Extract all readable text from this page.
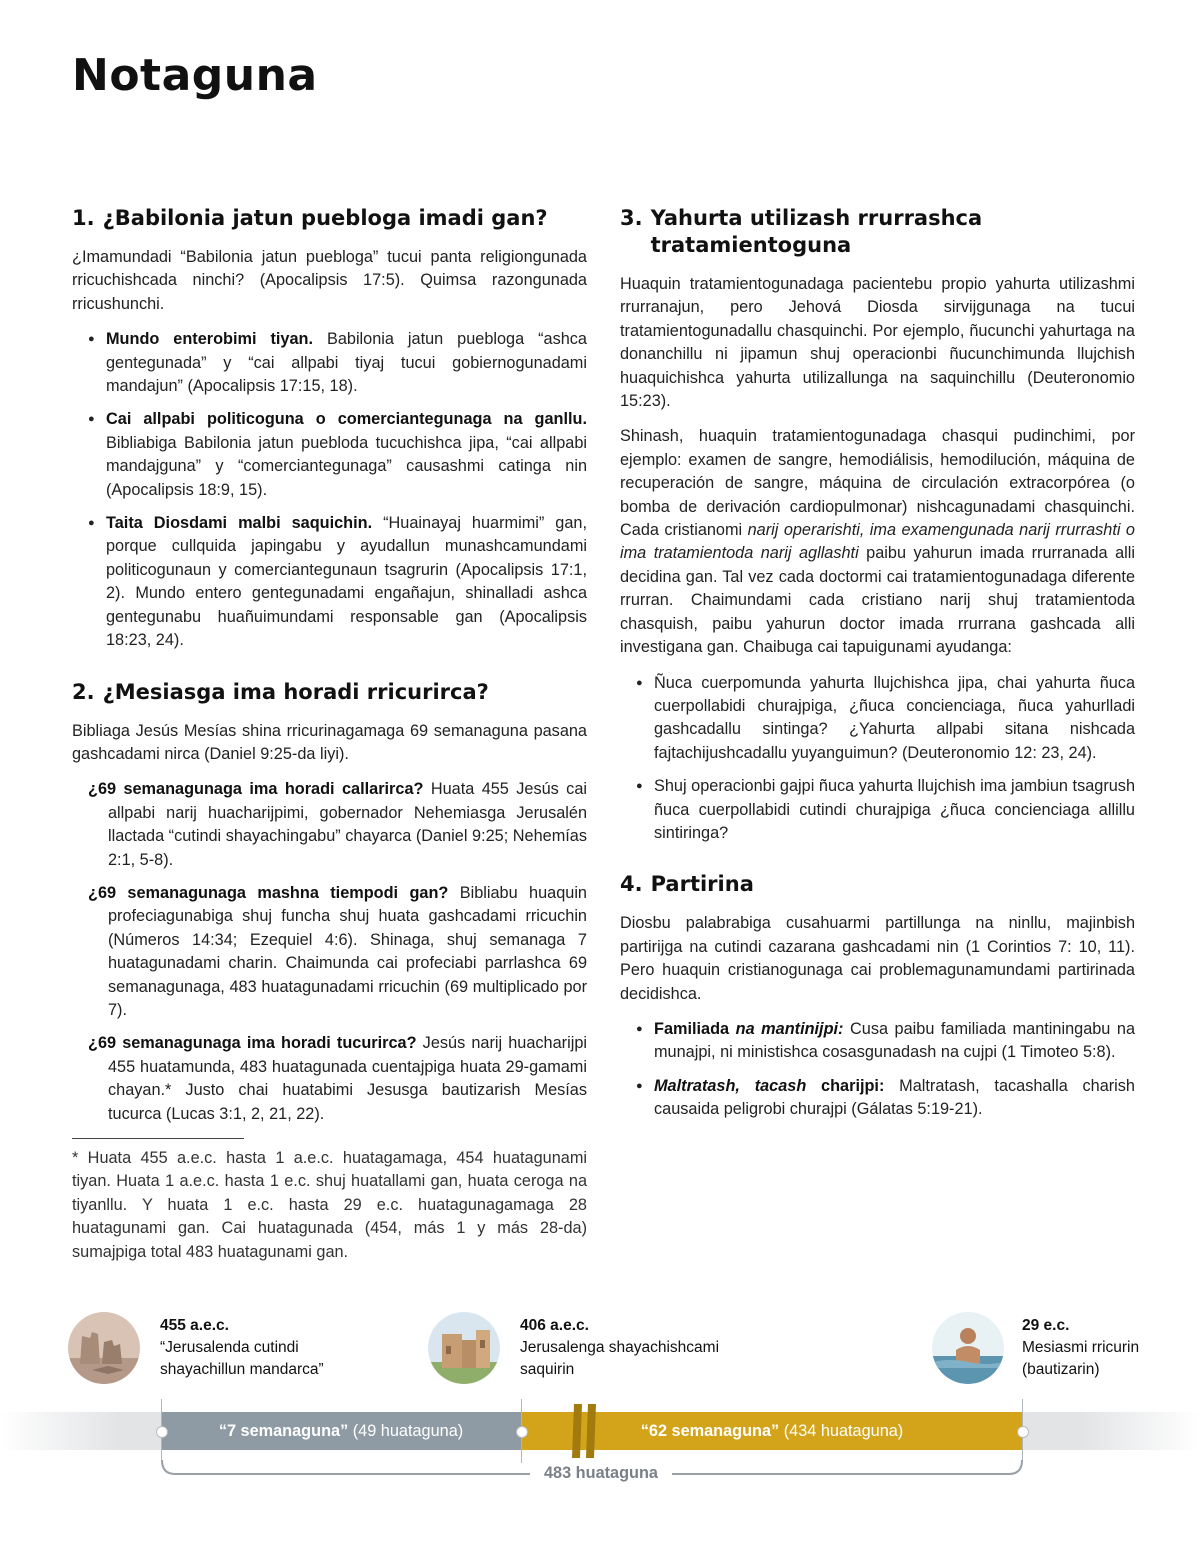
Notaguna
1. ¿Babilonia jatun puebloga imadi gan?

¿Imamundadi “Babilonia jatun puebloga” tucui panta religiongunada rricuchishcada ninchi? (Apocalipsis 17:5). Quimsa razongunada rricushunchi.

● Mundo enterobimi tiyan. Babilonia jatun puebloga “ashca gentegunada” y “cai allpabi tiyaj tucui gobiernogunadami mandajun” (Apocalipsis 17:15, 18).
● Cai allpabi politicoguna o comerciantegunaga na ganllu. Bibliabiga Babilonia jatun puebloda tucuchishca jipa, “cai allpabi mandajguna” y “comerciantegunaga” causashmi catinga nin (Apocalipsis 18:9, 15).
● Taita Diosdami malbi saquichin. “Huainayaj huarmimi” gan, porque cullquida japingabu y ayudallun munashcamundami politicogunaun y comerciantegunaun tsagrurin (Apocalipsis 17:1, 2). Mundo entero gentegunadami engañajun, shinalladi ashca gentegunabu huañuimundami responsable gan (Apocalipsis 18:23, 24).
2. ¿Mesiasga ima horadi rricurirca?

Bibliaga Jesús Mesías shina rricurinagamaga 69 semanaguna pasana gashcadami nirca (Daniel 9:25-da liyi).

¿69 semanagunaga ima horadi callarirca? Huata 455 Jesús cai allpabi narij huacharijpimi, gobernador Nehemiasga Jerusalén llactada “cutindi shayachingabu” chayarca (Daniel 9:25; Nehemías 2:1, 5-8).
¿69 semanagunaga mashna tiempodi gan? Bibliabu huaquin profeciagunabiga shuj funcha shuj huata gashcadami rricuchin (Números 14:34; Ezequiel 4:6). Shinaga, shuj semanaga 7 huatagunadami charin. Chaimunda cai profeciabi parrlashca 69 semanagunaga, 483 huatagunadami rricuchin (69 multiplicado por 7).
¿69 semanagunaga ima horadi tucurirca? Jesús narij huacharijpi 455 huatamunda, 483 huatagunada cuentajpiga huata 29-gamami chayan.* Justo chai huatabimi Jesusga bautizarish Mesías tucurca (Lucas 3:1, 2, 21, 22).

* Huata 455 a.e.c. hasta 1 a.e.c. huatagamaga, 454 huatagunami tiyan. Huata 1 a.e.c. hasta 1 e.c. shuj huatallami gan, huata ceroga na tiyanllu. Y huata 1 e.c. hasta 29 e.c. huatagunagamaga 28 huatagunami gan. Cai huatagunada (454, más 1 y más 28-da) sumajpiga total 483 huatagunami gan.

3. Yahurta utilizash rrurrashca tratamientoguna

Huaquin tratamientogunadaga pacientebu propio yahurta utilizashmi rrurranajun, pero Jehová Diosda sirvijgunaga na tucui tratamientogunadallu chasquinchi. Por ejemplo, ñucunchi yahurtaga na donanchillu ni jipamun shuj operacionbi ñucunchimunda llujchish huaquichishca yahurta utilizallunga na saquinchillu (Deuteronomio 15:23).

Shinash, huaquin tratamientogunadaga chasqui pudinchimi, por ejemplo: examen de sangre, hemodiálisis, hemodilución, máquina de recuperación de sangre, máquina de circulación extracorpórea (o bomba de derivación cardiopulmonar) nishcagunadami chasquinchi. Cada cristianomi narij operarishti, ima examengunada narij rrurrashti o ima tratamientoda narij agllashti paibu yahurun imada rrurranada alli decidina gan. Tal vez cada doctormi cai tratamientogunadaga diferente rrurran. Chaimundami cada cristiano narij shuj tratamientoda chasquish, paibu yahurun doctor imada rrurrana gashcada alli investigana gan. Chaibuga cai tapuigunami ayudanga:

● Ñuca cuerpomunda yahurta llujchishca jipa, chai yahurta ñuca cuerpollabidi churajpiga, ¿ñuca concienciaga, ñuca yahurlladi gashcadallu sintinga? ¿Yahurta allpabi sitana nishcada fajtachijushcadallu yuyanguimun? (Deuteronomio 12: 23, 24).
● Shuj operacionbi gajpi ñuca yahurta llujchish ima jambiun tsagrush ñuca cuerpollabidi cutindi churajpiga ¿ñuca concienciaga allillu sintiringa?
4. Partirina

Diosbu palabrabiga cusahuarmi partillunga na ninllu, majinbish partirijga na cutindi cazarana gashcadami nin (1 Corintios 7: 10, 11). Pero huaquin cristianogunaga cai problemagunamundami partirinada decidishca.

● Familiada na mantinijpi: Cusa paibu familiada mantiningabu na munajpi, ni ministishca cosasgunadash na cujpi (1 Timoteo 5:8).
● Maltratash, tacash charijpi: Maltratash, tacashalla charish causaida peligrobi churajpi (Gálatas 5:19-21).
455 a.e.c.
“Jerusalenda cutindi
shayachillun mandarca”
406 a.e.c.
Jerusalenga shayachishcami
saquirin
29 e.c.
Mesiasmi rricurin
(bautizarin)
“7 semanaguna” (49 huataguna)	“62 semanaguna” (434 huataguna)
483 huataguna
